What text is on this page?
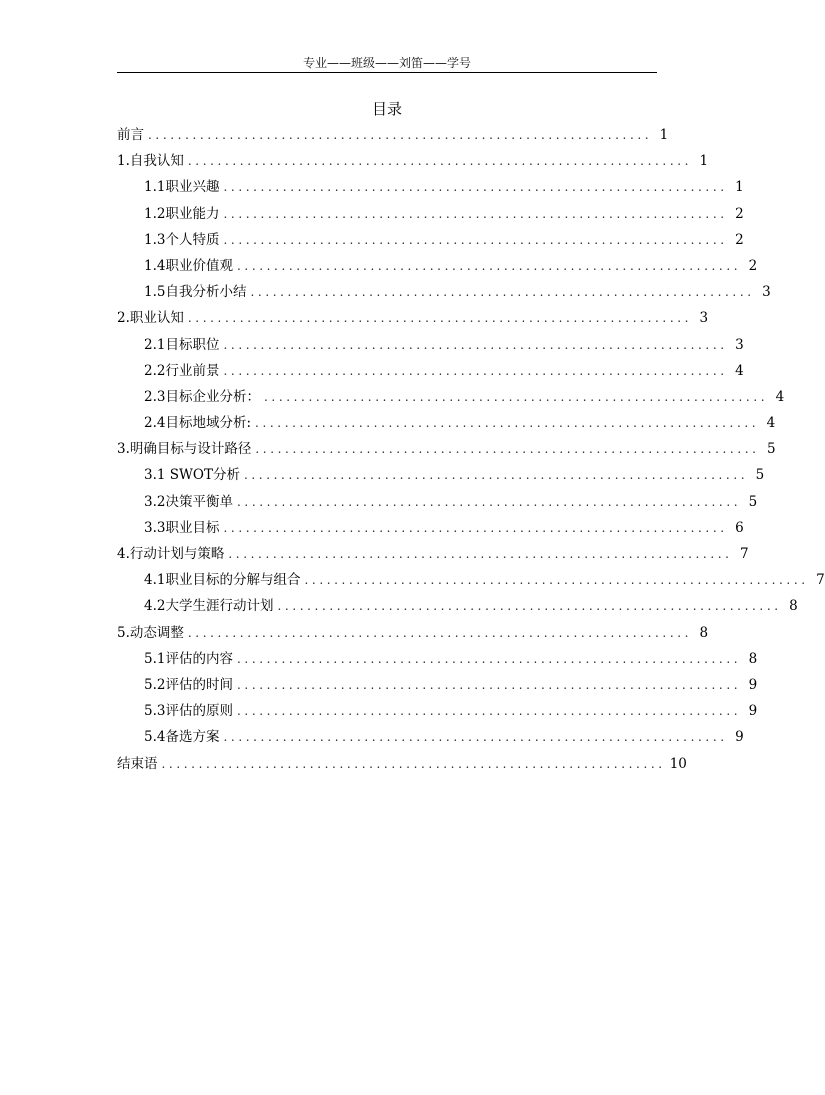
专业——班级——刘笛——学号
目录
前言 .................................................................... 1
1.自我认知 .................................................................... 1
1.1职业兴趣 .................................................................... 1
1.2职业能力 .................................................................... 2
1.3个人特质 .................................................................... 2
1.4职业价值观 .................................................................... 2
1.5自我分析小结 .................................................................... 3
2.职业认知 .................................................................... 3
2.1目标职位 .................................................................... 3
2.2行业前景 .................................................................... 4
2.3目标企业分析： .................................................................... 4
2.4目标地域分析: .................................................................... 4
3.明确目标与设计路径 .................................................................... 5
3.1 SWOT分析 .................................................................... 5
3.2决策平衡单 .................................................................... 5
3.3职业目标 .................................................................... 6
4.行动计划与策略 .................................................................... 7
4.1职业目标的分解与组合 .................................................................... 7
4.2大学生涯行动计划 .................................................................... 8
5.动态调整 .................................................................... 8
5.1评估的内容 .................................................................... 8
5.2评估的时间 .................................................................... 9
5.3评估的原则 .................................................................... 9
5.4备选方案 .................................................................... 9
结束语 .................................................................... 10
